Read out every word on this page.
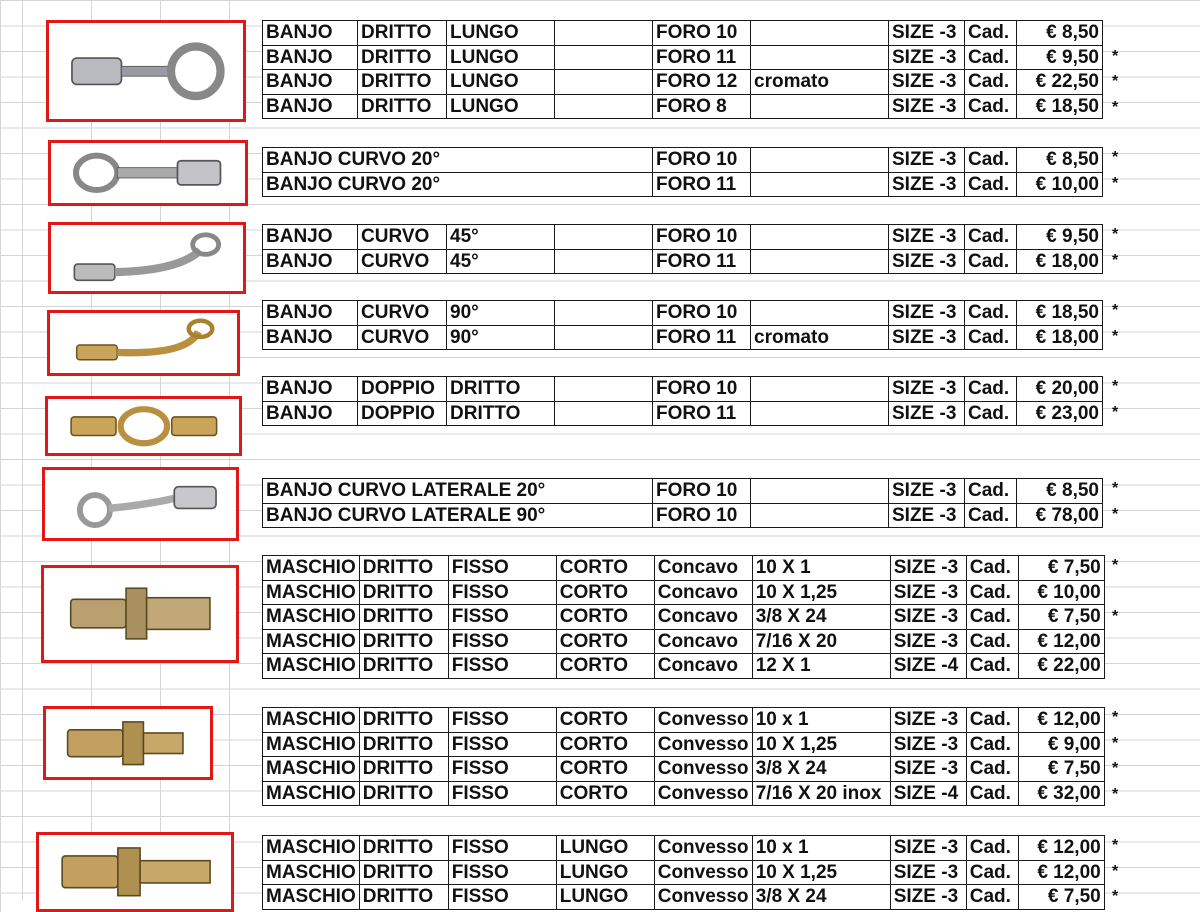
*
*
*
BANJO	DRITTO	LUNGO		FORO 10		SIZE -3	Cad.	€ 8,50
BANJO	DRITTO	LUNGO		FORO 11		SIZE -3	Cad.	€ 9,50
BANJO	DRITTO	LUNGO		FORO 12	cromato	SIZE -3	Cad.	€ 22,50
BANJO	DRITTO	LUNGO		FORO 8		SIZE -3	Cad.	€ 18,50
*
*
BANJO CURVO 20°	FORO 10		SIZE -3	Cad.	€ 8,50
BANJO CURVO 20°	FORO 11		SIZE -3	Cad.	€ 10,00
*
*
BANJO	CURVO	45°		FORO 10		SIZE -3	Cad.	€ 9,50
BANJO	CURVO	45°		FORO 11		SIZE -3	Cad.	€ 18,00
*
*
BANJO	CURVO	90°		FORO 10		SIZE -3	Cad.	€ 18,50
BANJO	CURVO	90°		FORO 11	cromato	SIZE -3	Cad.	€ 18,00
*
*
BANJO	DOPPIO	DRITTO		FORO 10		SIZE -3	Cad.	€ 20,00
BANJO	DOPPIO	DRITTO		FORO 11		SIZE -3	Cad.	€ 23,00
*
*
BANJO CURVO LATERALE 20°	FORO 10		SIZE -3	Cad.	€ 8,50
BANJO CURVO LATERALE 90°	FORO 10		SIZE -3	Cad.	€ 78,00
*
*
MASCHIO	DRITTO	FISSO	CORTO	Concavo	10 X 1	SIZE -3	Cad.	€ 7,50
MASCHIO	DRITTO	FISSO	CORTO	Concavo	10 X 1,25	SIZE -3	Cad.	€ 10,00
MASCHIO	DRITTO	FISSO	CORTO	Concavo	3/8 X 24	SIZE -3	Cad.	€ 7,50
MASCHIO	DRITTO	FISSO	CORTO	Concavo	7/16 X 20	SIZE -3	Cad.	€ 12,00
MASCHIO	DRITTO	FISSO	CORTO	Concavo	12 X 1	SIZE -4	Cad.	€ 22,00
*
*
*
*
MASCHIO	DRITTO	FISSO	CORTO	Convesso	10 x 1	SIZE -3	Cad.	€ 12,00
MASCHIO	DRITTO	FISSO	CORTO	Convesso	10 X 1,25	SIZE -3	Cad.	€ 9,00
MASCHIO	DRITTO	FISSO	CORTO	Convesso	3/8 X 24	SIZE -3	Cad.	€ 7,50
MASCHIO	DRITTO	FISSO	CORTO	Convesso	7/16 X 20 inox	SIZE -4	Cad.	€ 32,00
*
*
*
MASCHIO	DRITTO	FISSO	LUNGO	Convesso	10 x 1	SIZE -3	Cad.	€ 12,00
MASCHIO	DRITTO	FISSO	LUNGO	Convesso	10 X 1,25	SIZE -3	Cad.	€ 12,00
MASCHIO	DRITTO	FISSO	LUNGO	Convesso	3/8 X 24	SIZE -3	Cad.	€ 7,50
